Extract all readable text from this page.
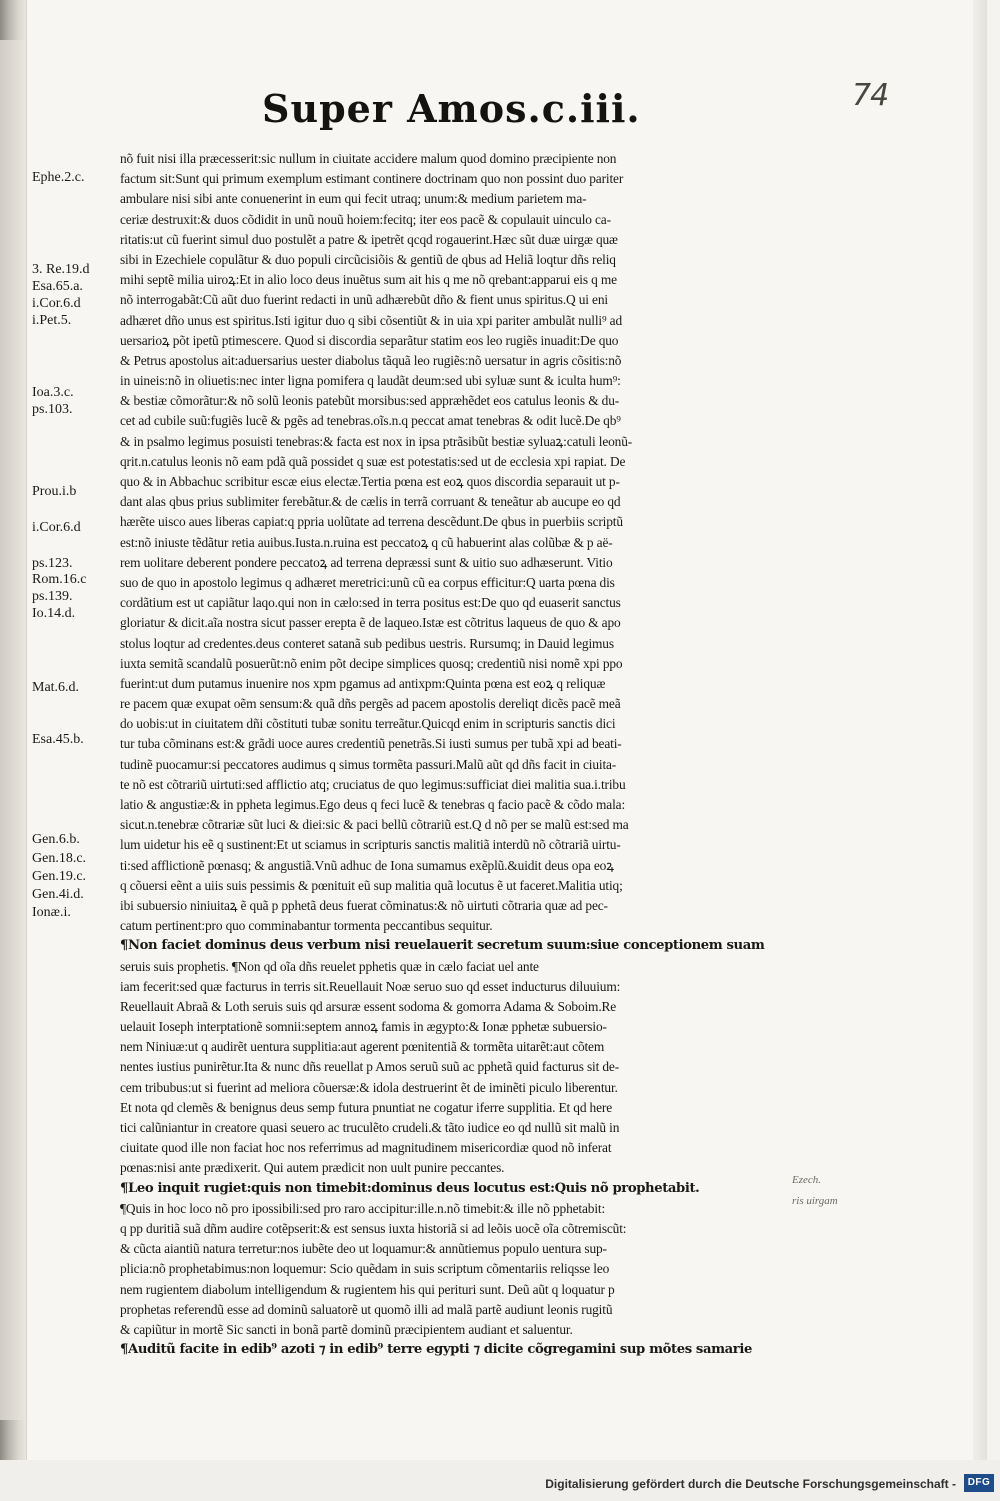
74
Super Amos.c.iii.
Ephe.2.c.
3. Re.19.d
Esa.65.a.
i.Cor.6.d
i.Pet.5.
Ioa.3.c.
ps.103.
Prou.i.b
i.Cor.6.d
ps.123.
Rom.16.c
ps.139.
Io.14.d.
Mat.6.d.
Esa.45.b.
Gen.6.b.
Gen.18.c.
Gen.19.c.
Gen.4i.d.
Ionæ.i.
nõ fuit nisi illa præcesserit:sic nullum in ciuitate accidere malum quod domino præcipiente non
factum sit:Sunt qui primum exemplum estimant continere doctrinam quo non possint duo pariter
ambulare nisi sibi ante conuenerint in eum qui fecit utraq; unum:& medium parietem ma-
ceriæ destruxit:& duos cõdidit in unũ nouũ hoiem:fecitq; iter eos pacẽ & copulauit uinculo ca-
ritatis:ut cũ fuerint simul duo postulẽt a patre & ipetrẽt qcqd rogauerint.Hæc sũt duæ uirgæ quæ
sibi in Ezechiele copulãtur & duo populi circũcisiõis & gentiũ de qbus ad Heliã loqtur dñs reliq
mihi septẽ milia uiroꝝ:Et in alio loco deus inuẽtus sum ait his q me nõ qrebant:apparui eis q me
nõ interrogabãt:Cũ aũt duo fuerint redacti in unũ adhærebũt dño & fient unus spiritus.Q ui eni
adhæret dño unus est spiritus.Isti igitur duo q sibi cõsentiũt & in uia xpi pariter ambulãt nulli⁹ ad
uersarioꝝ põt ipetũ ptimescere. Quod si discordia separãtur statim eos leo rugiẽs inuadit:De quo
& Petrus apostolus ait:aduersarius uester diabolus tãquã leo rugiẽs:nõ uersatur in agris cõsitis:nõ
in uineis:nõ in oliuetis:nec inter ligna pomifera q laudãt deum:sed ubi syluæ sunt & iculta hum⁹:
& bestiæ cõmorãtur:& nõ solũ leonis patebũt morsibus:sed appræhẽdet eos catulus leonis & du-
cet ad cubile suũ:fugiẽs lucẽ & pgẽs ad tenebras.oĩs.n.q peccat amat tenebras & odit lucẽ.De qb⁹
& in psalmo legimus posuisti tenebras:& facta est nox in ipsa ptrãsibũt bestiæ syluaꝝ:catuli leonũ-
qrit.n.catulus leonis nõ eam pdã quã possidet q suæ est potestatis:sed ut de ecclesia xpi rapiat. De
quo & in Abbachuc scribitur escæ eius electæ.Tertia pœna est eoꝝ quos discordia separauit ut p-
dant alas qbus prius sublimiter ferebãtur.& de cælis in terrã corruant & teneãtur ab aucupe eo qd
hærẽte uisco aues liberas capiat:q ppria uolũtate ad terrena descẽdunt.De qbus in puerbiis scriptũ
est:nõ iniuste tẽdãtur retia auibus.Iusta.n.ruina est peccatoꝝ q cũ habuerint alas colũbæ & p aë-
rem uolitare deberent pondere peccatoꝝ ad terrena depræssi sunt & uitio suo adhæserunt. Vitio
suo de quo in apostolo legimus q adhæret meretrici:unũ cũ ea corpus efficitur:Q uarta pœna dis
cordãtium est ut capiãtur laqo.qui non in cælo:sed in terra positus est:De quo qd euaserit sanctus
gloriatur & dicit.aĩa nostra sicut passer erepta ẽ de laqueo.Istæ est cõtritus laqueus de quo & apo
stolus loqtur ad credentes.deus conteret satanã sub pedibus uestris. Rursumq; in Dauid legimus
iuxta semitã scandalũ posuerũt:nõ enim põt decipe simplices quosq; credentiũ nisi nomẽ xpi ppo
fuerint:ut dum putamus inuenire nos xpm pgamus ad antixpm:Quinta pœna est eoꝝ q reliquæ
re pacem quæ exupat oẽm sensum:& quã dñs pergẽs ad pacem apostolis dereliqt dicẽs pacẽ meã
do uobis:ut in ciuitatem dñi cõstituti tubæ sonitu terreãtur.Quicqd enim in scripturis sanctis dici
tur tuba cõminans est:& grãdi uoce aures credentiũ penetrãs.Si iusti sumus per tubã xpi ad beati-
tudinẽ puocamur:si peccatores audimus q simus tormẽta passuri.Malũ aũt qd dñs facit in ciuita-
te nõ est cõtrariũ uirtuti:sed afflictio atq; cruciatus de quo legimus:sufficiat diei malitia sua.i.tribu
latio & angustiæ:& in ppheta legimus.Ego deus q feci lucẽ & tenebras q facio pacẽ & cõdo mala:
sicut.n.tenebræ cõtrariæ sũt luci & diei:sic & paci bellũ cõtrariũ est.Q d nõ per se malũ est:sed ma
lum uidetur his eẽ q sustinent:Et ut sciamus in scripturis sanctis malitiã interdũ nõ cõtrariã uirtu-
ti:sed afflictionẽ pœnasq; & angustiã.Vnũ adhuc de Iona sumamus exẽplũ.&uidit deus opa eoꝝ
q cõuersi eẽnt a uiis suis pessimis & pœnituit eũ sup malitia quã locutus ẽ ut faceret.Malitia utiq;
ibi subuersio niniuitaꝝ ẽ quã p pphetã deus fuerat cõminatus:& nõ uirtuti cõtraria quæ ad pec-
catum pertinent:pro quo comminabantur tormenta peccantibus sequitur.
¶Non faciet dominus deus verbum nisi reuelauerit secretum suum:siue conceptionem suam
seruis suis prophetis. ¶Non qd oĩa dñs reuelet pphetis quæ in cælo faciat uel ante
iam fecerit:sed quæ facturus in terris sit.Reuellauit Noæ seruo suo qd esset inducturus diluuium:
Reuellauit Abraã & Loth seruis suis qd arsuræ essent sodoma & gomorra Adama & Soboim.Re
uelauit Ioseph interptationẽ somnii:septem annoꝝ famis in ægypto:& Ionæ pphetæ subuersio-
nem Niniuæ:ut q audirẽt uentura supplitia:aut agerent pœnitentiã & tormẽta uitarẽt:aut cõtem
nentes iustius punirẽtur.Ita & nunc dñs reuellat p Amos seruũ suũ ac pphetã quid facturus sit de-
cem tribubus:ut si fuerint ad meliora cõuersæ:& idola destruerint ẽt de iminẽti piculo liberentur.
Et nota qd clemẽs & benignus deus semp futura pnuntiat ne cogatur iferre supplitia. Et qd here
tici calũniantur in creatore quasi seuero ac truculẽto crudeli.& tãto iudice eo qd nullũ sit malũ in
ciuitate quod ille non faciat hoc nos referrimus ad magnitudinem misericordiæ quod nõ inferat
pœnas:nisi ante prædixerit. Qui autem prædicit non uult punire peccantes.
¶Leo inquit rugiet:quis non timebit:dominus deus locutus est:Quis nõ prophetabit.
¶Quis in hoc loco nõ pro ipossibili:sed pro raro accipitur:ille.n.nõ timebit:& ille nõ pphetabit:
q pp duritiã suã dñm audire cotẽpserit:& est sensus iuxta historiã si ad leõis uocẽ oĩa cõtremiscũt:
& cũcta aiantiũ natura terretur:nos iubẽte deo ut loquamur:& annũtiemus populo uentura sup-
plicia:nõ prophetabimus:non loquemur: Scio quẽdam in suis scriptum cõmentariis reliqsse leo
nem rugientem diabolum intelligendum & rugientem his qui perituri sunt. Deũ aũt q loquatur p
prophetas referendũ esse ad dominũ saluatorẽ ut quomõ illi ad malã partẽ audiunt leonis rugitũ
& capiũtur in mortẽ Sic sancti in bonã partẽ dominũ præcipientem audiant et saluentur.
¶Auditũ facite in edib⁹ azoti ⁊ in edib⁹ terre egypti ⁊ dicite cõgregamini sup mõtes samarie
Ezech.
ris uirgam
Digitalisierung gefördert durch die Deutsche Forschungsgemeinschaft -	DFG
